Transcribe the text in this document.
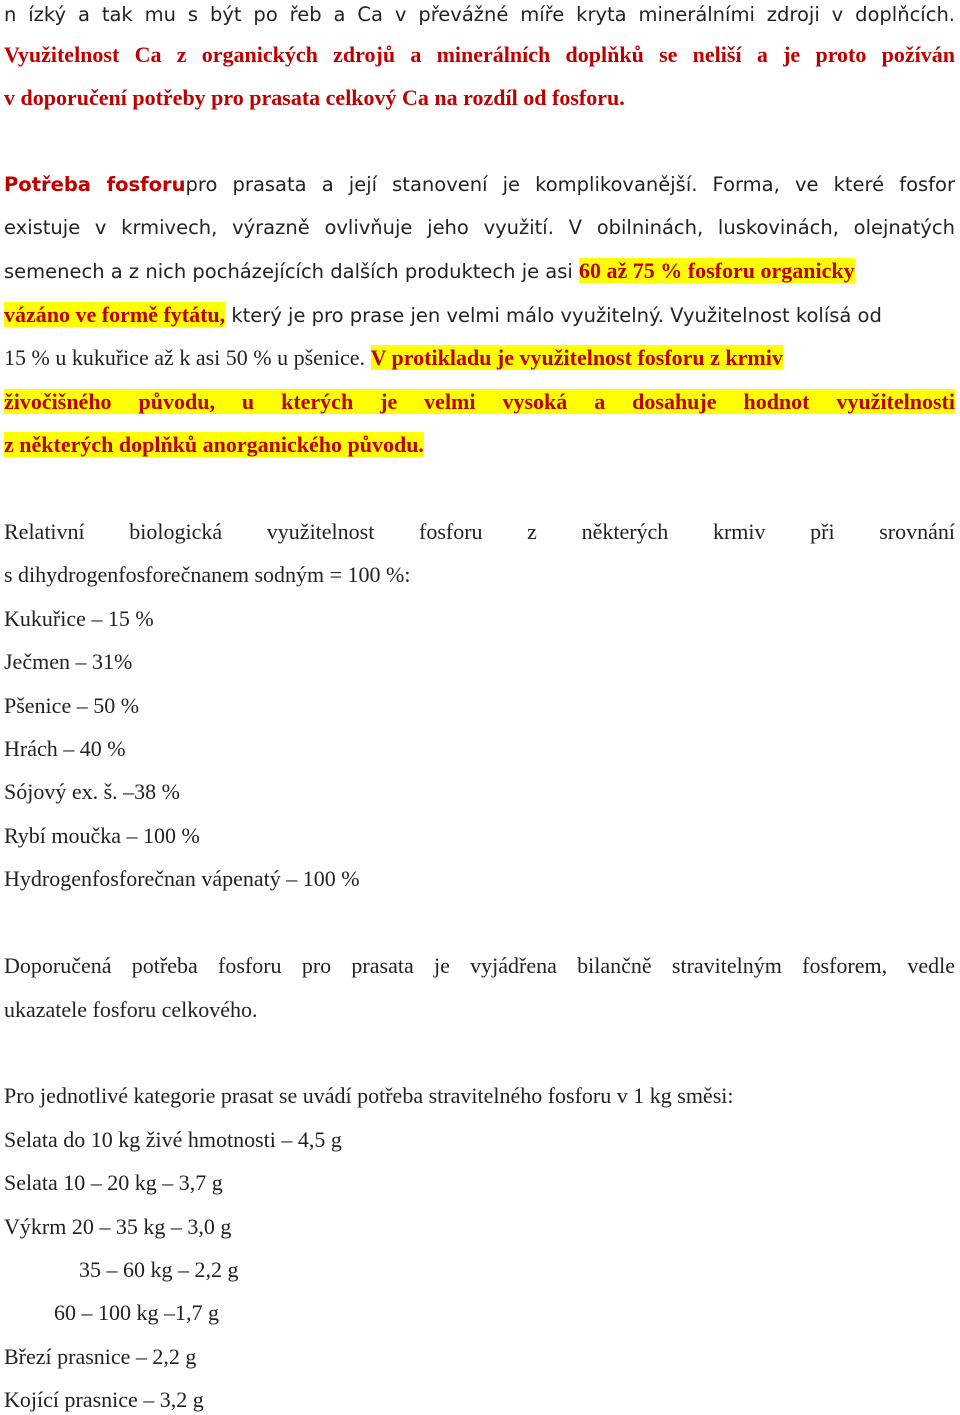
n ízký a tak mu s být po řeb a Ca v převážné míře kryta minerálními zdroji v doplňcích.
Využitelnost Ca z organických zdrojů a minerálních doplňků se neliší a je proto požíván
v doporučení potřeby pro prasata celkový Ca na rozdíl od fosforu.
Potřeba fosforupro prasata a její stanovení je komplikovanější. Forma, ve které fosfor
existuje v krmivech, výrazně ovlivňuje jeho využití. V obilninách, luskovinách, olejnatých
semenech a z nich pocházejících dalších produktech je asi 60 až 75 % fosforu organicky
vázáno ve formě fytátu, který je pro prase jen velmi málo využitelný. Využitelnost kolísá od
15 % u kukuřice až k asi 50 % u pšenice. V protikladu je využitelnost fosforu z krmiv
živočišného původu, u kterých je velmi vysoká a dosahuje hodnot využitelnosti
z některých doplňků anorganického původu.
Relativní biologická využitelnost fosforu z některých krmiv při srovnání
s dihydrogenfosforečnanem sodným = 100 %:
Kukuřice – 15 %
Ječmen – 31%
Pšenice – 50 %
Hrách – 40 %
Sójový ex. š. –38 %
Rybí moučka – 100 %
Hydrogenfosforečnan vápenatý – 100 %
Doporučená potřeba fosforu pro prasata je vyjádřena bilančně stravitelným fosforem, vedle
ukazatele fosforu celkového.
Pro jednotlivé kategorie prasat se uvádí potřeba stravitelného fosforu v 1 kg směsi:
Selata do 10 kg živé hmotnosti – 4,5 g
Selata 10 – 20 kg – 3,7 g
Výkrm 20 – 35 kg – 3,0 g
35 – 60 kg – 2,2 g
60 – 100 kg –1,7 g
Březí prasnice – 2,2 g
Kojící prasnice – 3,2 g
